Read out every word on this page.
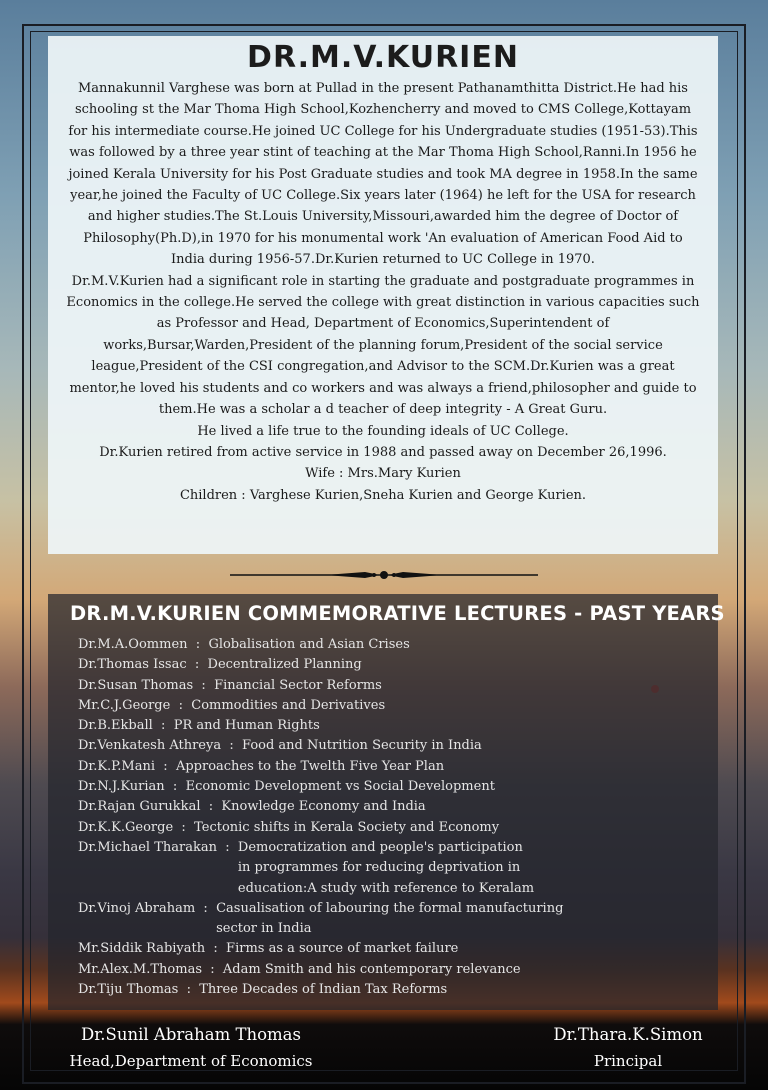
DR.M.V.KURIEN

Mannakunnil Varghese was born at Pullad in the present Pathanamthitta District.He had his schooling st the Mar Thoma High School,Kozhencherry and moved to CMS College,Kottayam for his intermediate course.He joined UC College for his Undergraduate studies (1951-53).This was followed by a three year stint of teaching at the Mar Thoma High School,Ranni.In 1956 he joined Kerala University for his Post Graduate studies and took MA degree in 1958.In the same year,he joined the Faculty of UC College.Six years later (1964) he left for the USA for research and higher studies.The St.Louis University,Missouri,awarded him the degree of Doctor of Philosophy(Ph.D),in 1970 for his monumental work 'An evaluation of American Food Aid to India during 1956-57.Dr.Kurien returned to UC College in 1970.

Dr.M.V.Kurien had a significant role in starting the graduate and postgraduate programmes in Economics in the college.He served the college with great distinction in various capacities such as Professor and Head, Department of Economics,Superintendent of works,Bursar,Warden,President of the planning forum,President of the social service league,President of the CSI congregation,and Advisor to the SCM.Dr.Kurien was a great mentor,he loved his students and co workers and was always a friend,philosopher and guide to them.He was a scholar a d teacher of deep integrity - A Great Guru.

He lived a life true to the founding ideals of UC College.

Dr.Kurien retired from active service in 1988 and passed away on December 26,1996.

Wife : Mrs.Mary Kurien

Children : Varghese Kurien,Sneha Kurien and George Kurien.

DR.M.V.KURIEN COMMEMORATIVE LECTURES - PAST YEARS
Dr.M.A.Oommen : Globalisation and Asian Crises
Dr.Thomas Issac : Decentralized Planning
Dr.Susan Thomas : Financial Sector Reforms
Mr.C.J.George : Commodities and Derivatives
Dr.B.Ekball : PR and Human Rights
Dr.Venkatesh Athreya : Food and Nutrition Security in India
Dr.K.P.Mani : Approaches to the Twelth Five Year Plan
Dr.N.J.Kurian : Economic Development vs Social Development
Dr.Rajan Gurukkal : Knowledge Economy and India
Dr.K.K.George : Tectonic shifts in Kerala Society and Economy
Dr.Michael Tharakan : Democratization and people's participation
in programmes for reducing deprivation in
education:A study with reference to Keralam
Dr.Vinoj Abraham : Casualisation of labouring the formal manufacturing
sector in India
Mr.Siddik Rabiyath : Firms as a source of market failure
Mr.Alex.M.Thomas : Adam Smith and his contemporary relevance
Dr.Tiju Thomas : Three Decades of Indian Tax Reforms
Dr.Sunil Abraham Thomas
Head,Department of Economics
Dr.Thara.K.Simon
Principal
